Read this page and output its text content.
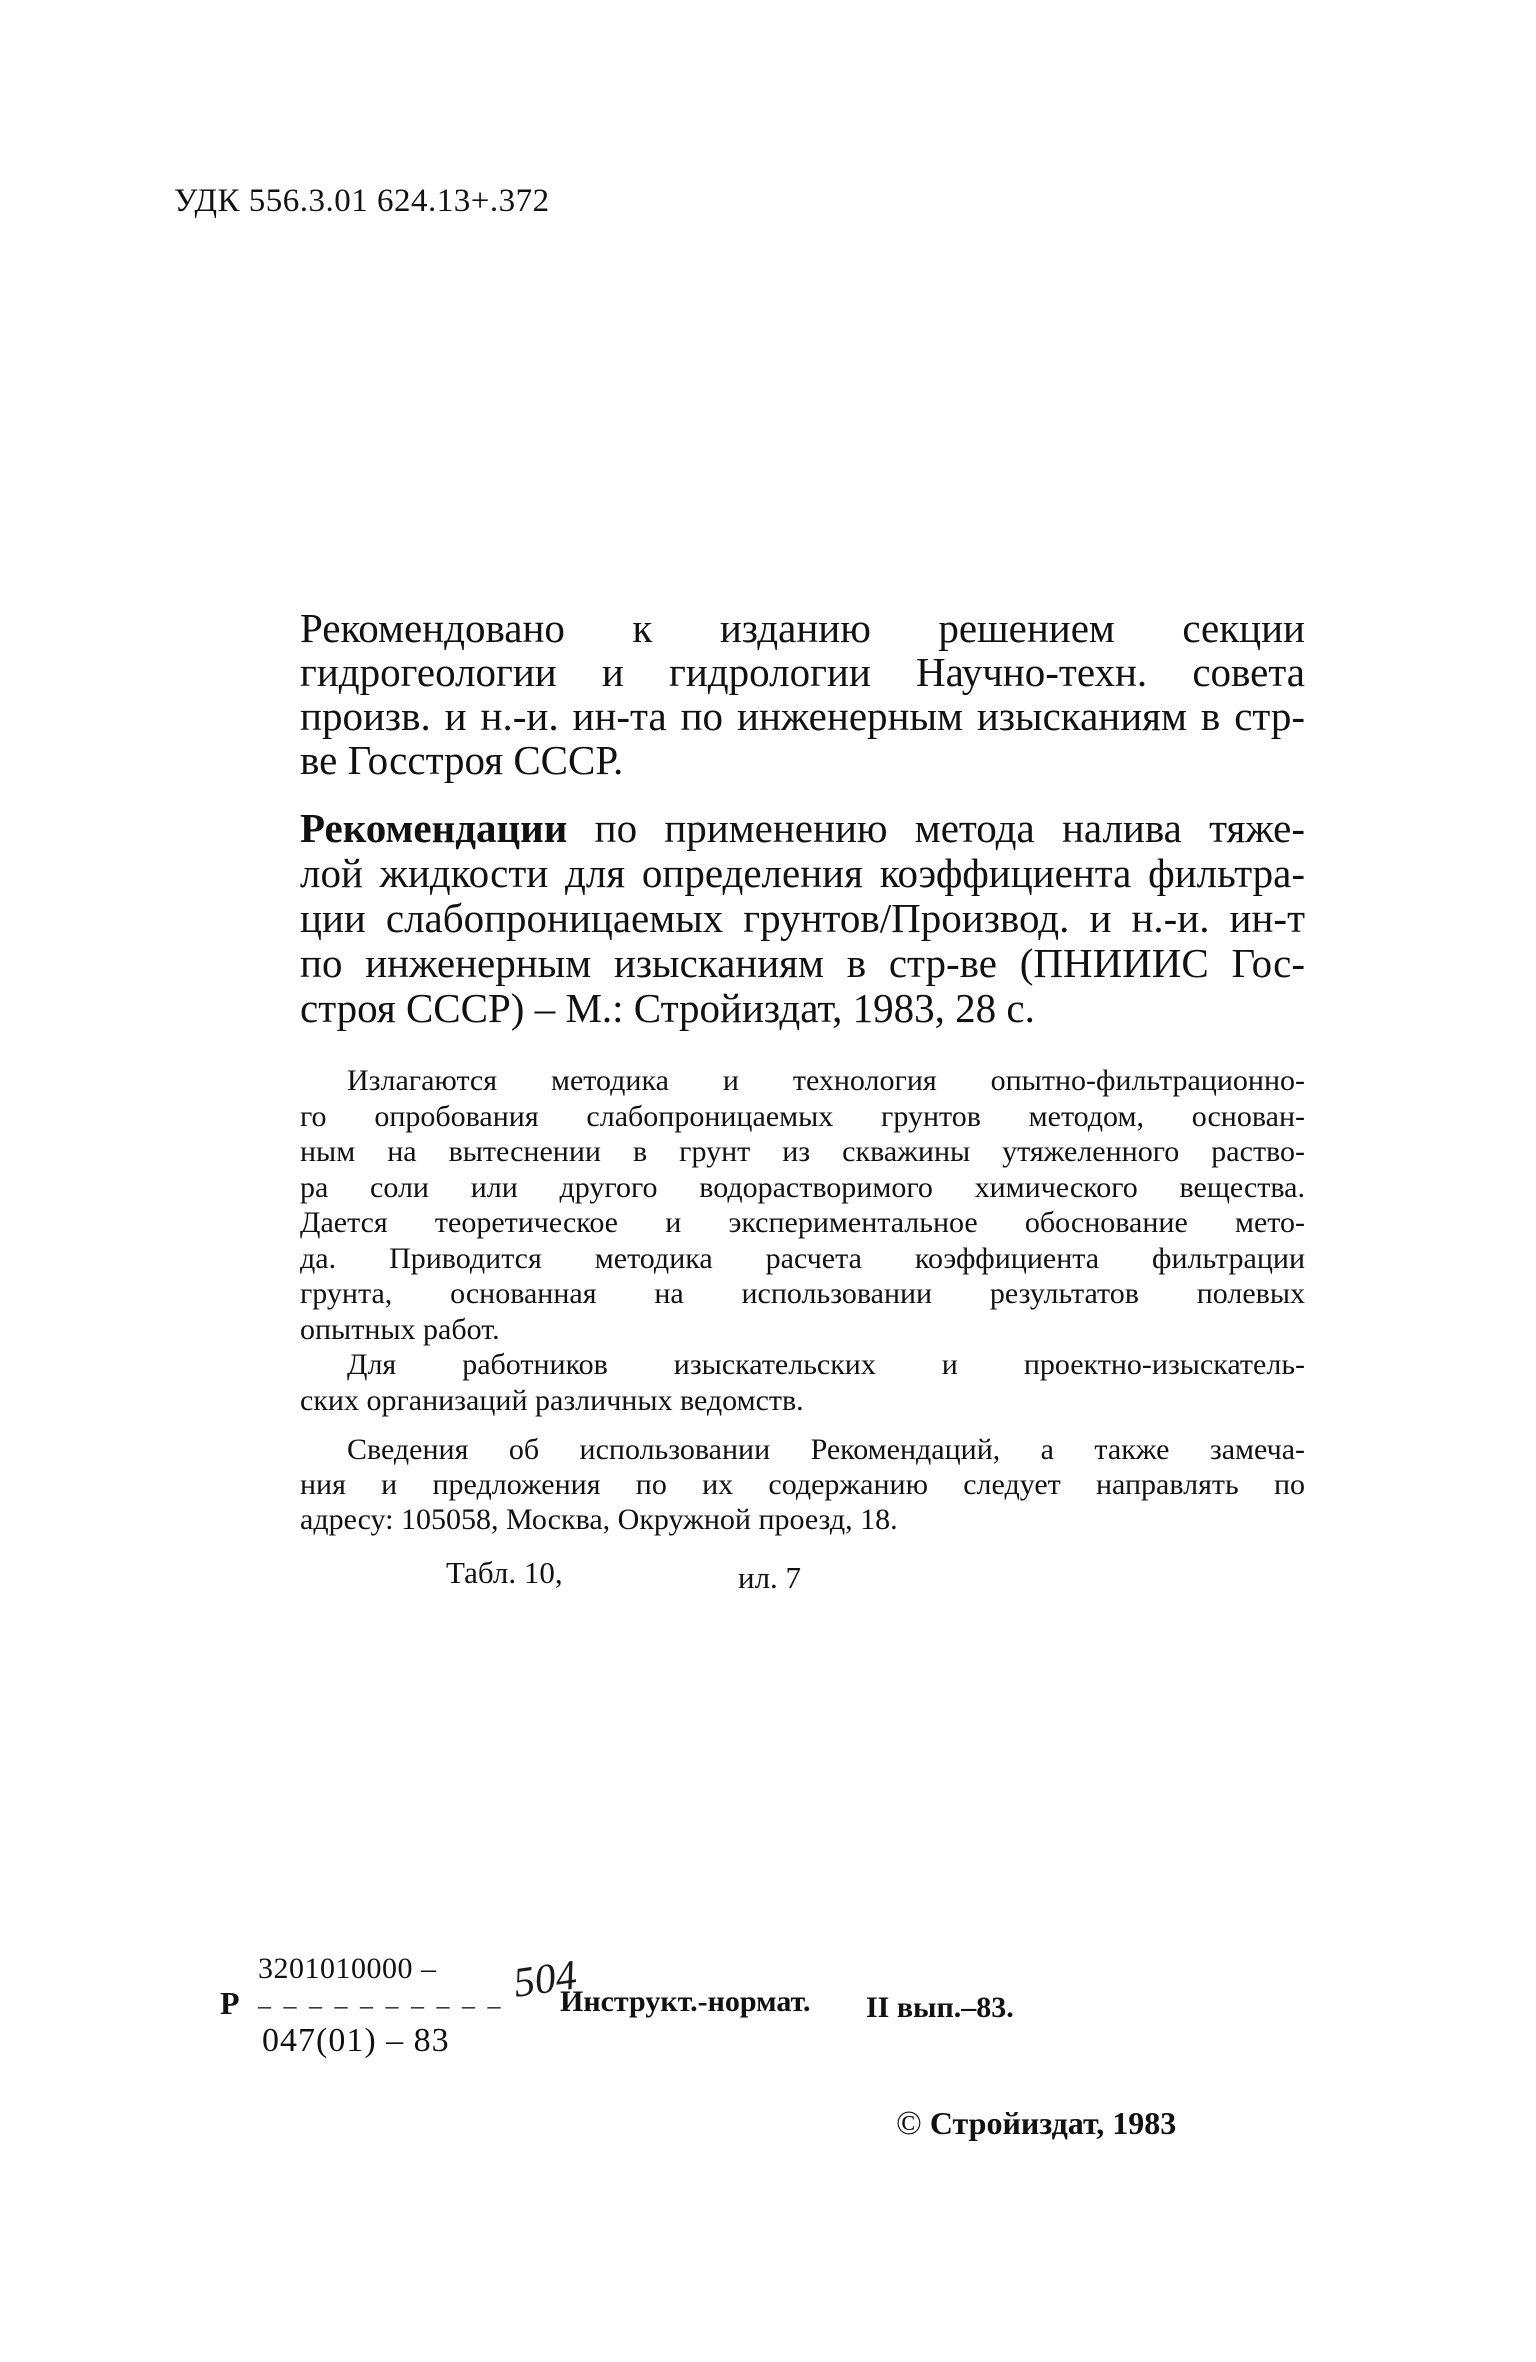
УДК 556.3.01 624.13+.372
Рекомендовано к изданию решением секции гидрогеологии и гидрологии Научно-техн. совета произв. и н.-и. ин-та по инженерным изысканиям в стр-ве Госстроя СССР.
Рекомендации по применению метода налива тяже-
лой жидкости для определения коэффициента фильтра-
ции слабопроницаемых грунтов/Производ. и н.-и. ин-т
по инженерным изысканиям в стр-ве (ПНИИИС Гос-
строя СССР) – М.: Стройиздат, 1983, 28 с.
Излагаются методика и технология опытно-фильтрационно-
го опробования слабопроницаемых грунтов методом, основан-
ным на вытеснении в грунт из скважины утяжеленного раство-
ра соли или другого водорастворимого химического вещества.
Дается теоретическое и экспериментальное обоснование мето-
да. Приводится методика расчета коэффициента фильтрации
грунта, основанная на использовании результатов полевых
опытных работ.
Для работников изыскательских и проектно-изыскатель-
ских организаций различных ведомств.
Сведения об использовании Рекомендаций, а также замеча-
ния и предложения по их содержанию следует направлять по
адресу: 105058, Москва, Окружной проезд, 18.
Табл. 10,	ил. 7
Р
3201010000 –
– – – – – – – – – – 504
047(01) – 83
Инструкт.-нормат. II вып.–83.
© Стройиздат, 1983
